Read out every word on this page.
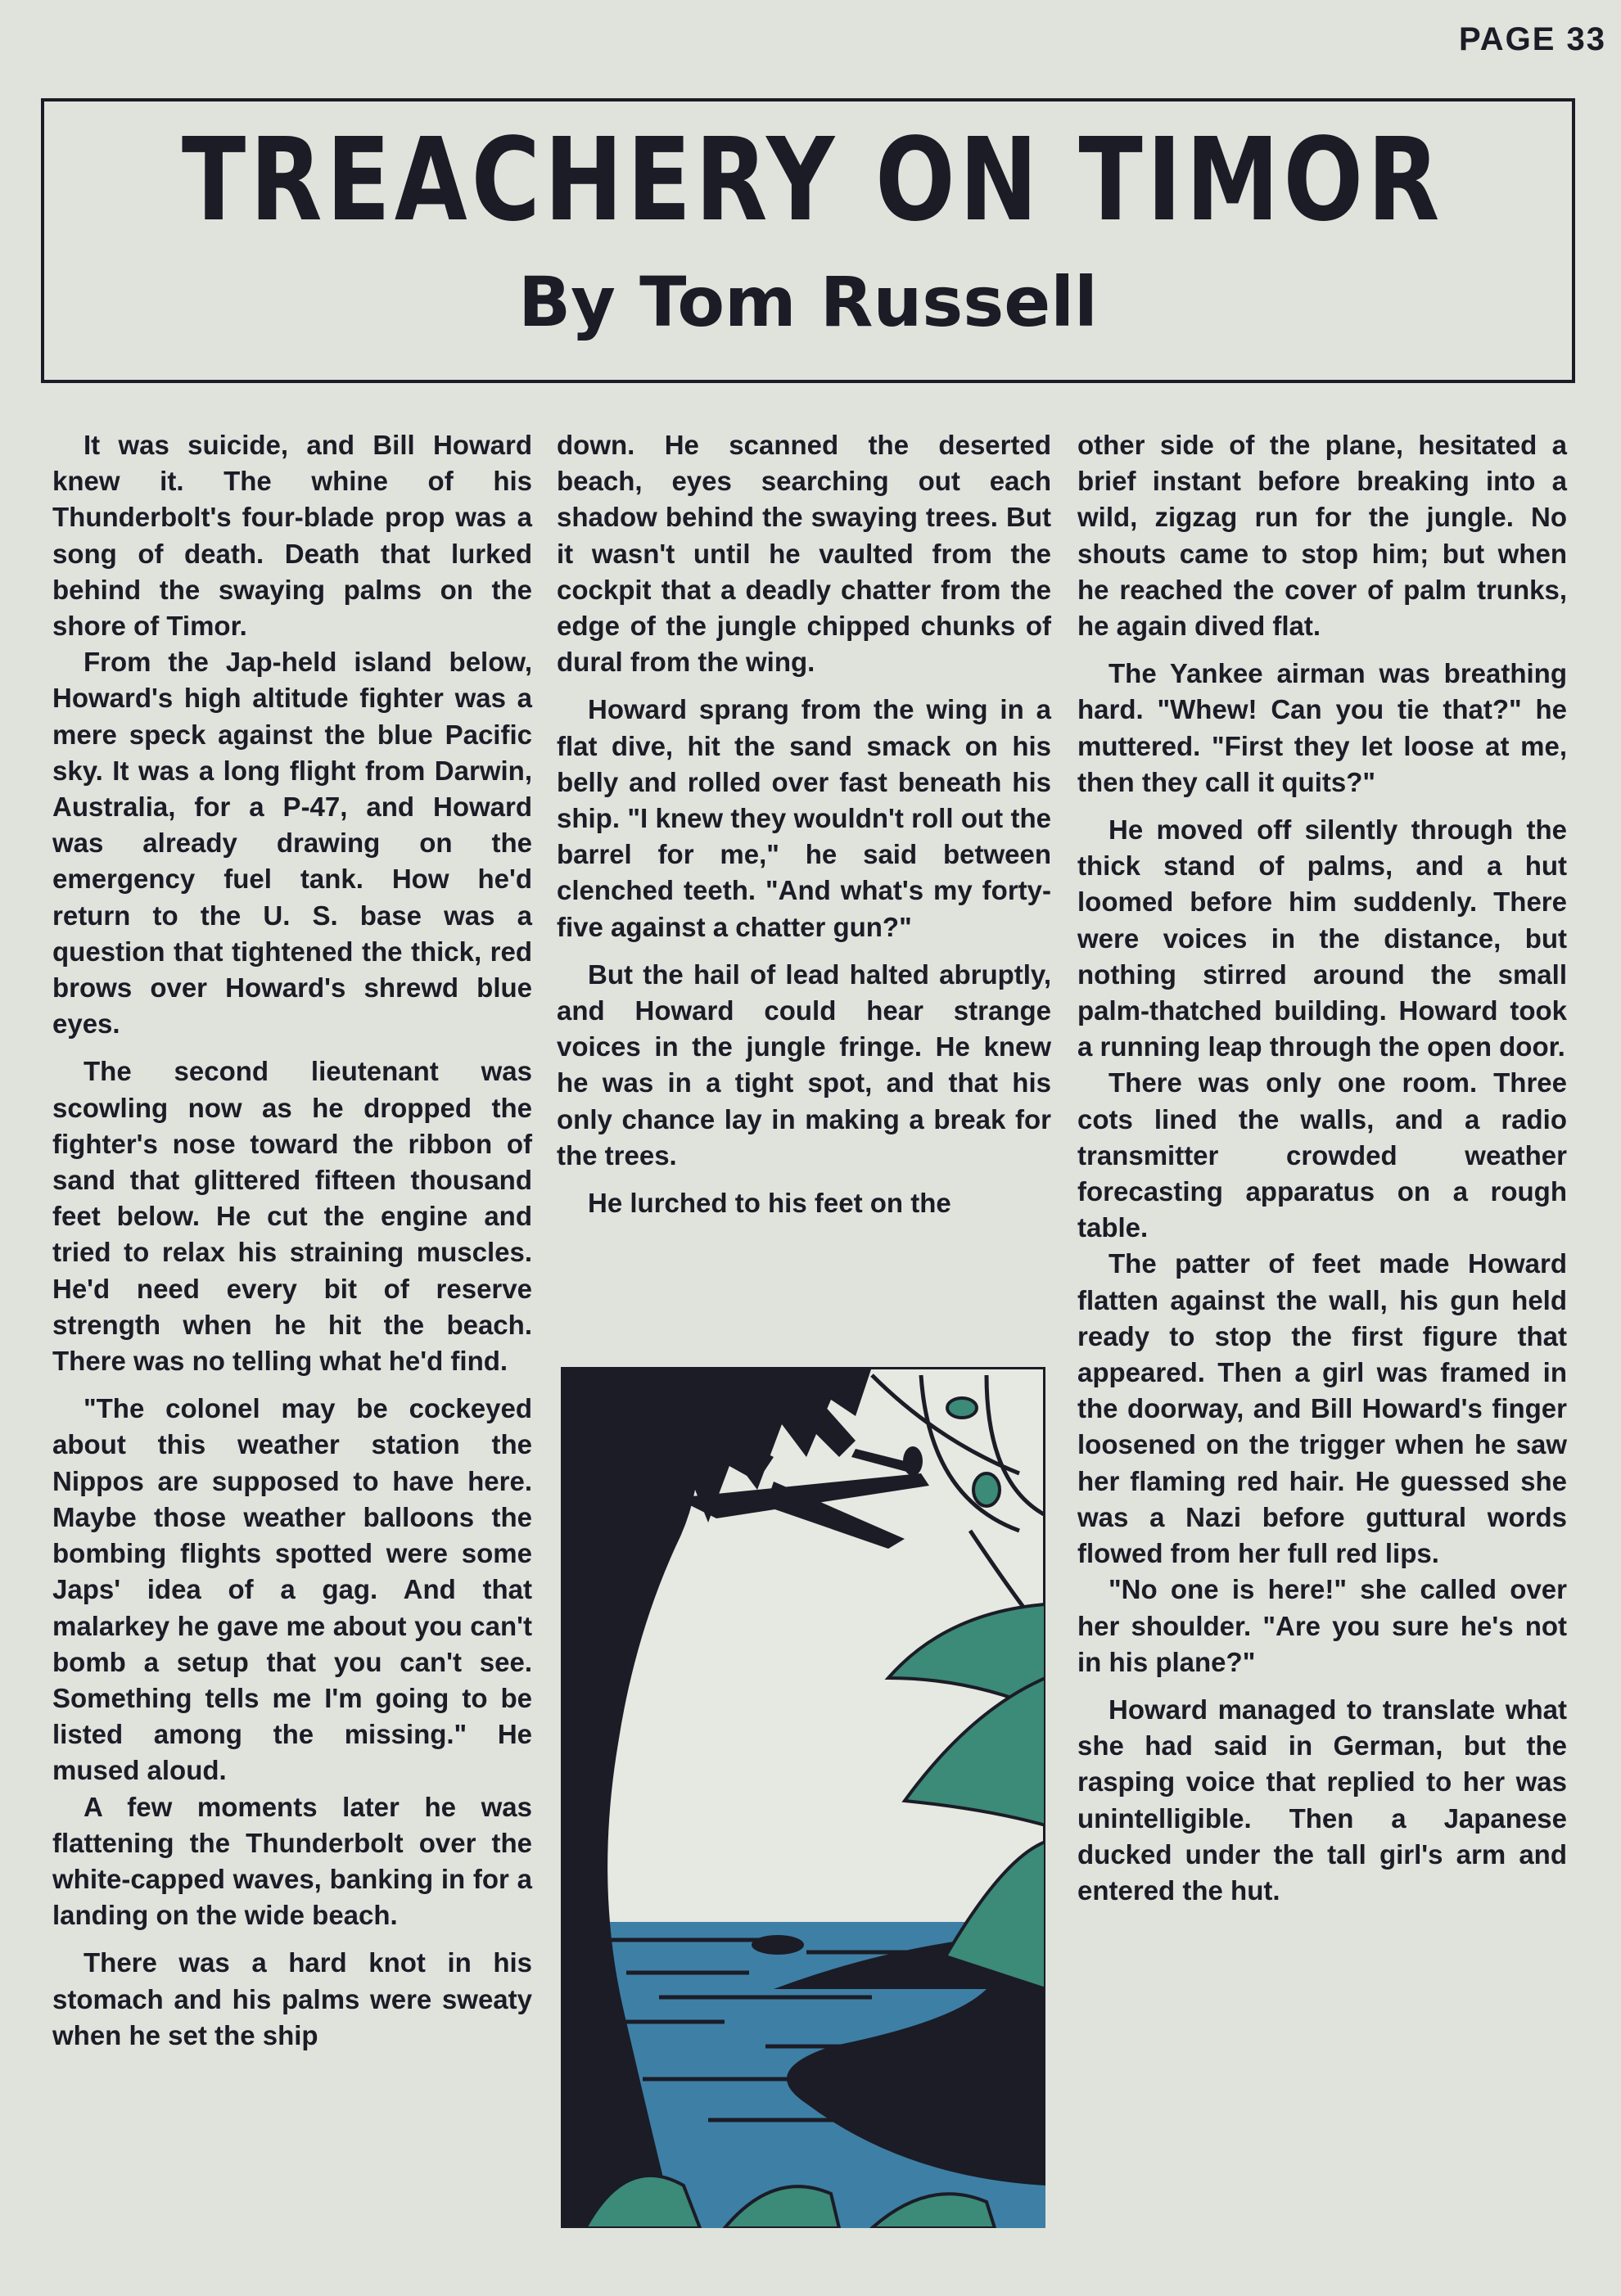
PAGE 33
TREACHERY ON TIMOR
By Tom Russell

It was suicide, and Bill Howard knew it. The whine of his Thunderbolt's four-blade prop was a song of death. Death that lurked behind the swaying palms on the shore of Timor.

From the Jap-held island below, Howard's high altitude fighter was a mere speck against the blue Pacific sky. It was a long flight from Darwin, Australia, for a P-47, and Howard was already drawing on the emergency fuel tank. How he'd return to the U. S. base was a question that tightened the thick, red brows over Howard's shrewd blue eyes.

The second lieutenant was scowling now as he dropped the fighter's nose toward the ribbon of sand that glittered fifteen thousand feet below. He cut the engine and tried to relax his straining muscles. He'd need every bit of reserve strength when he hit the beach. There was no telling what he'd find.

"The colonel may be cockeyed about this weather station the Nippos are supposed to have here. Maybe those weather balloons the bombing flights spotted were some Japs' idea of a gag. And that malarkey he gave me about you can't bomb a setup that you can't see. Something tells me I'm going to be listed among the missing." He mused aloud.

A few moments later he was flattening the Thunderbolt over the white-capped waves, banking in for a landing on the wide beach.

There was a hard knot in his stomach and his palms were sweaty when he set the ship

down. He scanned the deserted beach, eyes searching out each shadow behind the swaying trees. But it wasn't until he vaulted from the cockpit that a deadly chatter from the edge of the jungle chipped chunks of dural from the wing.

Howard sprang from the wing in a flat dive, hit the sand smack on his belly and rolled over fast beneath his ship. "I knew they wouldn't roll out the barrel for me," he said between clenched teeth. "And what's my forty-five against a chatter gun?"

But the hail of lead halted abruptly, and Howard could hear strange voices in the jungle fringe. He knew he was in a tight spot, and that his only chance lay in making a break for the trees.

He lurched to his feet on the

other side of the plane, hesitated a brief instant before breaking into a wild, zigzag run for the jungle. No shouts came to stop him; but when he reached the cover of palm trunks, he again dived flat.

The Yankee airman was breathing hard. "Whew! Can you tie that?" he muttered. "First they let loose at me, then they call it quits?"

He moved off silently through the thick stand of palms, and a hut loomed before him suddenly. There were voices in the distance, but nothing stirred around the small palm-thatched building. Howard took a running leap through the open door.

There was only one room. Three cots lined the walls, and a radio transmitter crowded weather forecasting apparatus on a rough table.

The patter of feet made Howard flatten against the wall, his gun held ready to stop the first figure that appeared. Then a girl was framed in the doorway, and Bill Howard's finger loosened on the trigger when he saw her flaming red hair. He guessed she was a Nazi before guttural words flowed from her full red lips.

"No one is here!" she called over her shoulder. "Are you sure he's not in his plane?"

Howard managed to translate what she had said in German, but the rasping voice that replied to her was unintelligible. Then a Japanese ducked under the tall girl's arm and entered the hut.
